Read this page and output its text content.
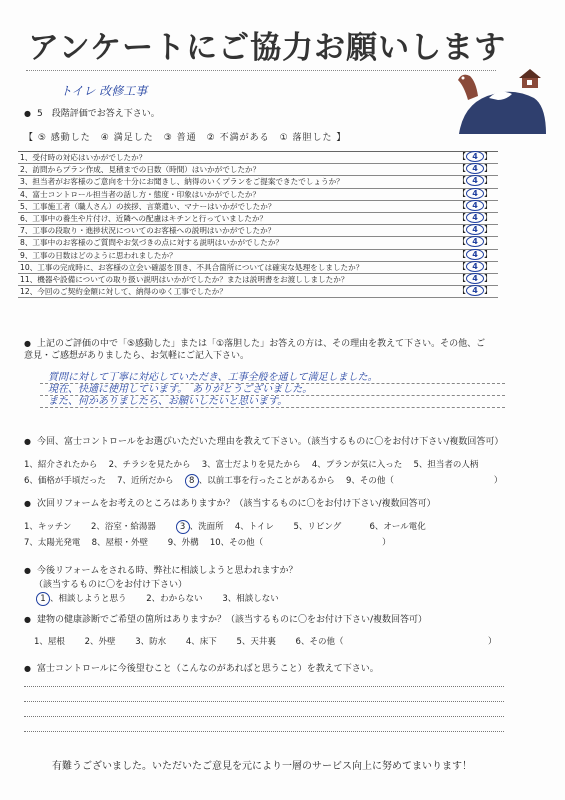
アンケートにご協力お願いします
トイレ 改修工事
● 5　段階評価でお答え下さい。
【 ⑤ 感動した　④ 満足した　③ 普通　② 不満がある　① 落胆した 】
1、受付時の対応はいかがでしたか？	【 4 】
2、訪問からプラン作成、見積までの日数（時間）はいかがでしたか？	【 4 】
3、担当者がお客様のご意向を十分にお聞きし、納得のいくプランをご提案できたでしょうか？	【 4 】
4、富士コントロール担当者の話し方・態度・印象はいかがでしたか？	【 4 】
5、工事施工者（職人さん）の挨拶、言葉遣い、マナーはいかがでしたか？	【 4 】
6、工事中の養生や片付け、近隣への配慮はキチンと行っていましたか？	【 4 】
7、工事の段取り・進捗状況についてのお客様への説明はいかがでしたか？	【 4 】
8、工事中のお客様のご質問やお気づきの点に対する説明はいかがでしたか？	【 4 】
9、工事の日数はどのように思われましたか？	【 4 】
10、工事の完成時に、お客様の立会い確認を頂き、不具合箇所については確実な処理をしましたか？	【 4 】
11、機器や設備についての取り扱い説明はいかがでしたか？または説明書をお渡ししましたか？	【 4 】
12、今回のご契約金額に対して、納得のゆく工事でしたか？	【 4 】
● 上記のご評価の中で「⑤感動した」または「①落胆した」お答えの方は、その理由を教えて下さい。その他、ご意見・ご感想がありましたら、お気軽にご記入下さい。
質問に対して丁寧に対応していただき、工事全般を通して満足しました。
現在、快適に使用しています。　ありがとうございました。
また、何かありましたら、お願いしたいと思います。
● 今回、富士コントロールをお選びいただいた理由を教えて下さい。（該当するものに〇をお付け下さい/複数回答可）
1、紹介されたから　 2、チラシを見たから　 3、富士だよりを見たから　 4、プランが気に入った　 5、担当者の人柄
6、価格が手頃だった　 7、近所だから　 8 、以前工事を行ったことがあるから　 9、その他（	）
● 次回リフォームをお考えのところはありますか？（該当するものに〇をお付け下さい/複数回答可）
1、キッチン　　 2、浴室・給湯器　　 3 、洗面所　 4、トイレ　　 5、リビング　　　 6、オール電化
7、太陽光発電　 8、屋根・外壁　　 9、外構　 10、その他（　　　　　　　　　　　　　　）
● 今後リフォームをされる時、弊社に相談しようと思われますか？
（該当するものに〇をお付け下さい）
1 、相談しようと思う　　 2、わからない　　 3、相談しない
● 建物の健康診断でご希望の箇所はありますか？（該当するものに〇をお付け下さい/複数回答可）
1、屋根　　 2、外壁　　 3、防水　　 4、床下　　 5、天井裏　　 6、その他（　　　　　　　　　　　　　　　　　）
● 富士コントロールに今後望むこと（こんなのがあればと思うこと）を教えて下さい。
有難うございました。いただいたご意見を元により一層のサービス向上に努めてまいります！
